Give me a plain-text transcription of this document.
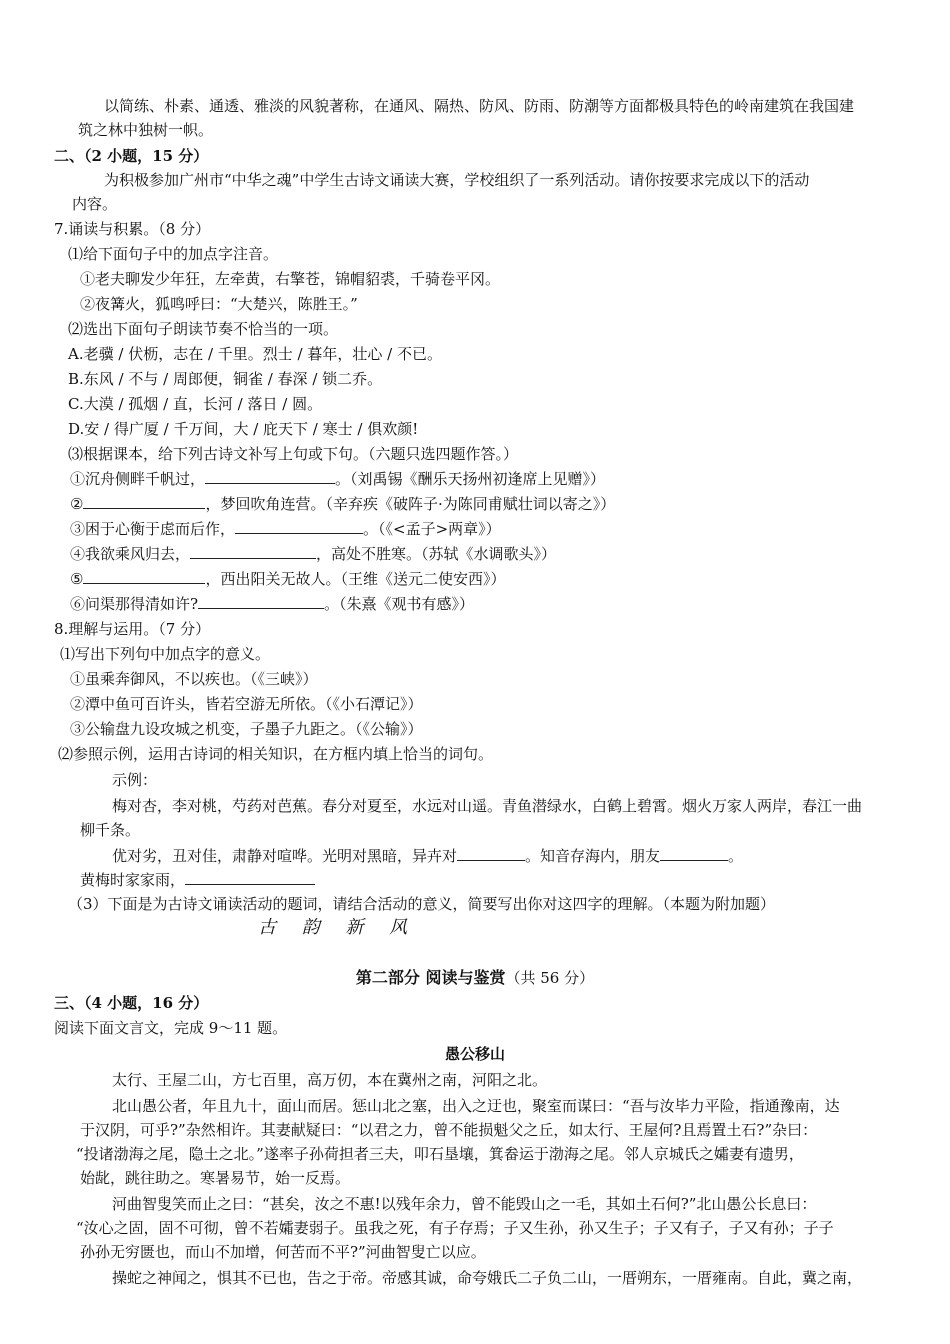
以简练、朴素、通透、雅淡的风貌著称，在通风、隔热、防风、防雨、防潮等方面都极具特色的岭南建筑在我国建
筑之林中独树一帜。
二、（2 小题，15 分）
为积极参加广州市“中华之魂”中学生古诗文诵读大赛，学校组织了一系列活动。请你按要求完成以下的活动
内容。
7.诵读与积累。（8 分）
⑴给下面句子中的加点字注音。
①老夫聊发少年狂，左牵黄，右擎苍，锦帽貂裘，千骑卷平冈。
②夜篝火，狐鸣呼曰：“大楚兴，陈胜王。”
⑵选出下面句子朗读节奏不恰当的一项。
A.老骥 / 伏枥，志在 / 千里。烈士 / 暮年，壮心 / 不已。
B.东风 / 不与 / 周郎便，铜雀 / 春深 / 锁二乔。
C.大漠 / 孤烟 / 直，长河 / 落日 / 圆。
D.安 / 得广厦 / 千万间，大 / 庇天下 / 寒士 / 俱欢颜!
⑶根据课本，给下列古诗文补写上句或下句。（六题只选四题作答。）
①沉舟侧畔千帆过，	。（刘禹锡《酬乐天扬州初逢席上见赠》）
②	，梦回吹角连营。（辛弃疾《破阵子·为陈同甫赋壮词以寄之》）
③困于心衡于虑而后作，	。（《<孟子>两章》）
④我欲乘风归去，	，高处不胜寒。（苏轼《水调歌头》）
⑤	，西出阳关无故人。（王维《送元二使安西》）
⑥问渠那得清如许?	。（朱熹《观书有感》）
8.理解与运用。（7 分）
⑴写出下列句中加点字的意义。
①虽乘奔御风，不以疾也。（《三峡》）
②潭中鱼可百许头，皆若空游无所依。（《小石潭记》）
③公输盘九设攻城之机变，子墨子九距之。（《公输》）
⑵参照示例，运用古诗词的相关知识，在方框内填上恰当的词句。
示例：
梅对杏，李对桃，芍药对芭蕉。春分对夏至，水远对山遥。青鱼潜绿水，白鹤上碧霄。烟火万家人两岸，春江一曲
柳千条。
优对劣，丑对佳，肃静对喧哗。光明对黑暗，异卉对	。知音存海内，朋友	。
黄梅时家家雨，
（3）下面是为古诗文诵读活动的题词，请结合活动的意义，简要写出你对这四字的理解。（本题为附加题）
古 韵 新 风
第二部分 阅读与鉴赏（共 56 分）
三、（4 小题，16 分）
阅读下面文言文，完成 9～11 题。
愚公移山
太行、王屋二山，方七百里，高万仞，本在冀州之南，河阳之北。
北山愚公者，年且九十，面山而居。惩山北之塞，出入之迂也，聚室而谋曰：“吾与汝毕力平险，指通豫南，达
于汉阴，可乎?”杂然相许。其妻献疑曰：“以君之力，曾不能损魁父之丘，如太行、王屋何?且焉置土石?”杂曰：
“投诸渤海之尾，隐土之北。”遂率子孙荷担者三夫，叩石垦壤，箕畚运于渤海之尾。邻人京城氏之孀妻有遗男，
始龀，跳往助之。寒暑易节，始一反焉。
河曲智叟笑而止之曰：“甚矣，汝之不惠!以残年余力，曾不能毁山之一毛，其如土石何?”北山愚公长息曰：
“汝心之固，固不可彻，曾不若孀妻弱子。虽我之死，有子存焉；子又生孙，孙又生子；子又有子，子又有孙；子子
孙孙无穷匮也，而山不加增，何苦而不平?”河曲智叟亡以应。
操蛇之神闻之，惧其不已也，告之于帝。帝感其诚，命夸娥氏二子负二山，一厝朔东，一厝雍南。自此，冀之南，
